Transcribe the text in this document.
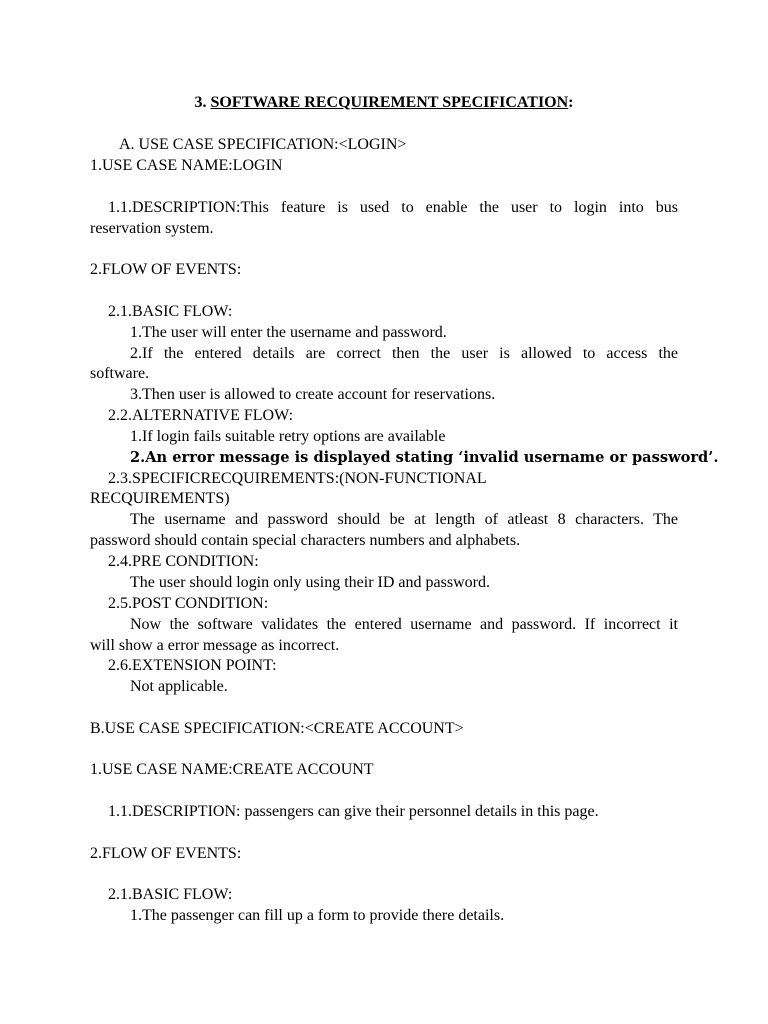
3. SOFTWARE RECQUIREMENT SPECIFICATION:
A. USE CASE SPECIFICATION:<LOGIN>
1.USE CASE NAME:LOGIN
1.1.DESCRIPTION:This feature is used to enable the user to login into bus
reservation system.
2.FLOW OF EVENTS:
2.1.BASIC FLOW:
1.The user will enter the username and password.
2.If the entered details are correct then the user is allowed to access the
software.
3.Then user is allowed to create account for reservations.
2.2.ALTERNATIVE FLOW:
1.If login fails suitable retry options are available
2.An error message is displayed stating ‘invalid username or password’.
2.3.SPECIFICRECQUIREMENTS:(NON-FUNCTIONAL
RECQUIREMENTS)
The username and password should be at length of atleast 8 characters. The
password should contain special characters numbers and alphabets.
2.4.PRE CONDITION:
The user should login only using their ID and password.
2.5.POST CONDITION:
Now the software validates the entered username and password. If incorrect it
will show a error message as incorrect.
2.6.EXTENSION POINT:
Not applicable.
B.USE CASE SPECIFICATION:<CREATE ACCOUNT>
1.USE CASE NAME:CREATE ACCOUNT
1.1.DESCRIPTION: passengers can give their personnel details in this page.
2.FLOW OF EVENTS:
2.1.BASIC FLOW:
1.The passenger can fill up a form to provide there details.
